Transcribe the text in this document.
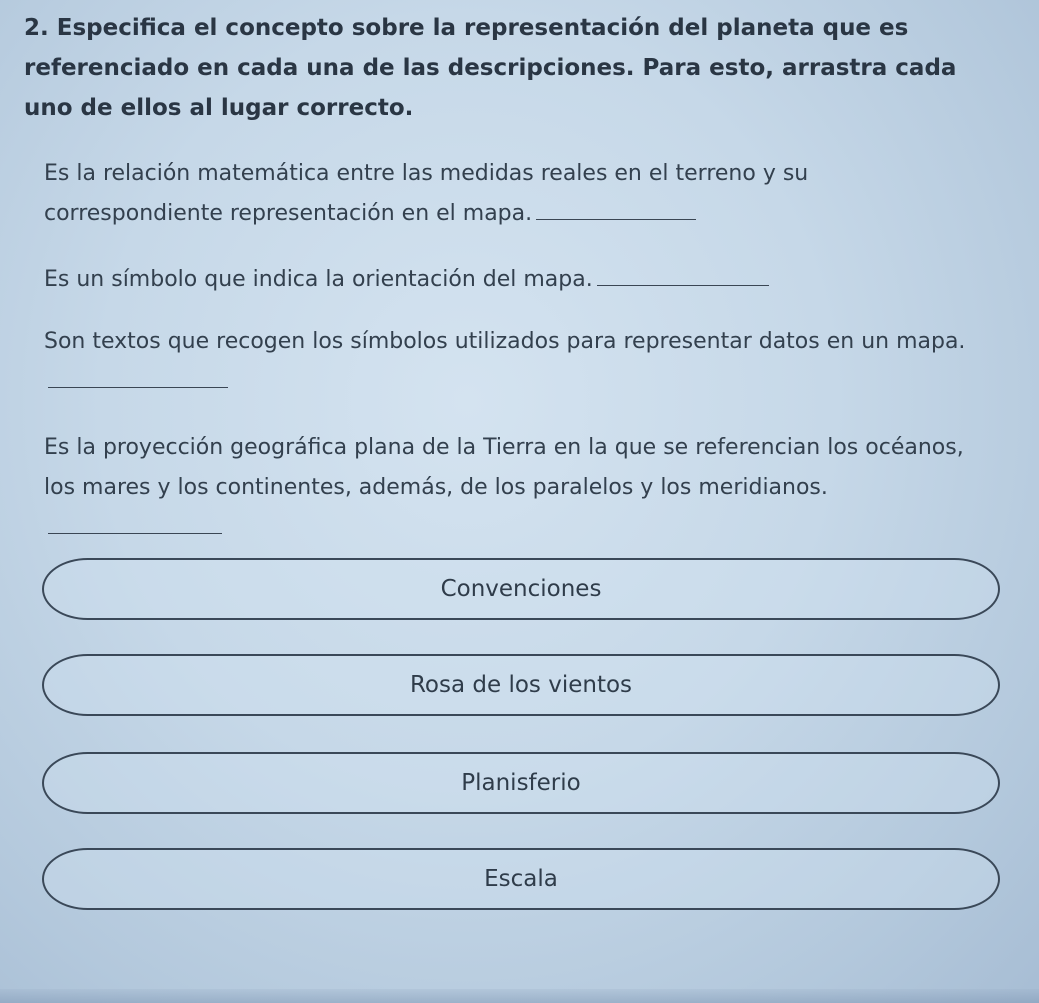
2. Especifica el concepto sobre la representación del planeta que es referenciado en cada una de las descripciones. Para esto, arrastra cada uno de ellos al lugar correcto.

Es la relación matemática entre las medidas reales en el terreno y su correspondiente representación en el mapa.

Es un símbolo que indica la orientación del mapa.

Son textos que recogen los símbolos utilizados para representar datos en un mapa.

Es la proyección geográfica plana de la Tierra en la que se referencian los océanos, los mares y los continentes, además, de los paralelos y los meridianos.

Convenciones
Rosa de los vientos
Planisferio
Escala
